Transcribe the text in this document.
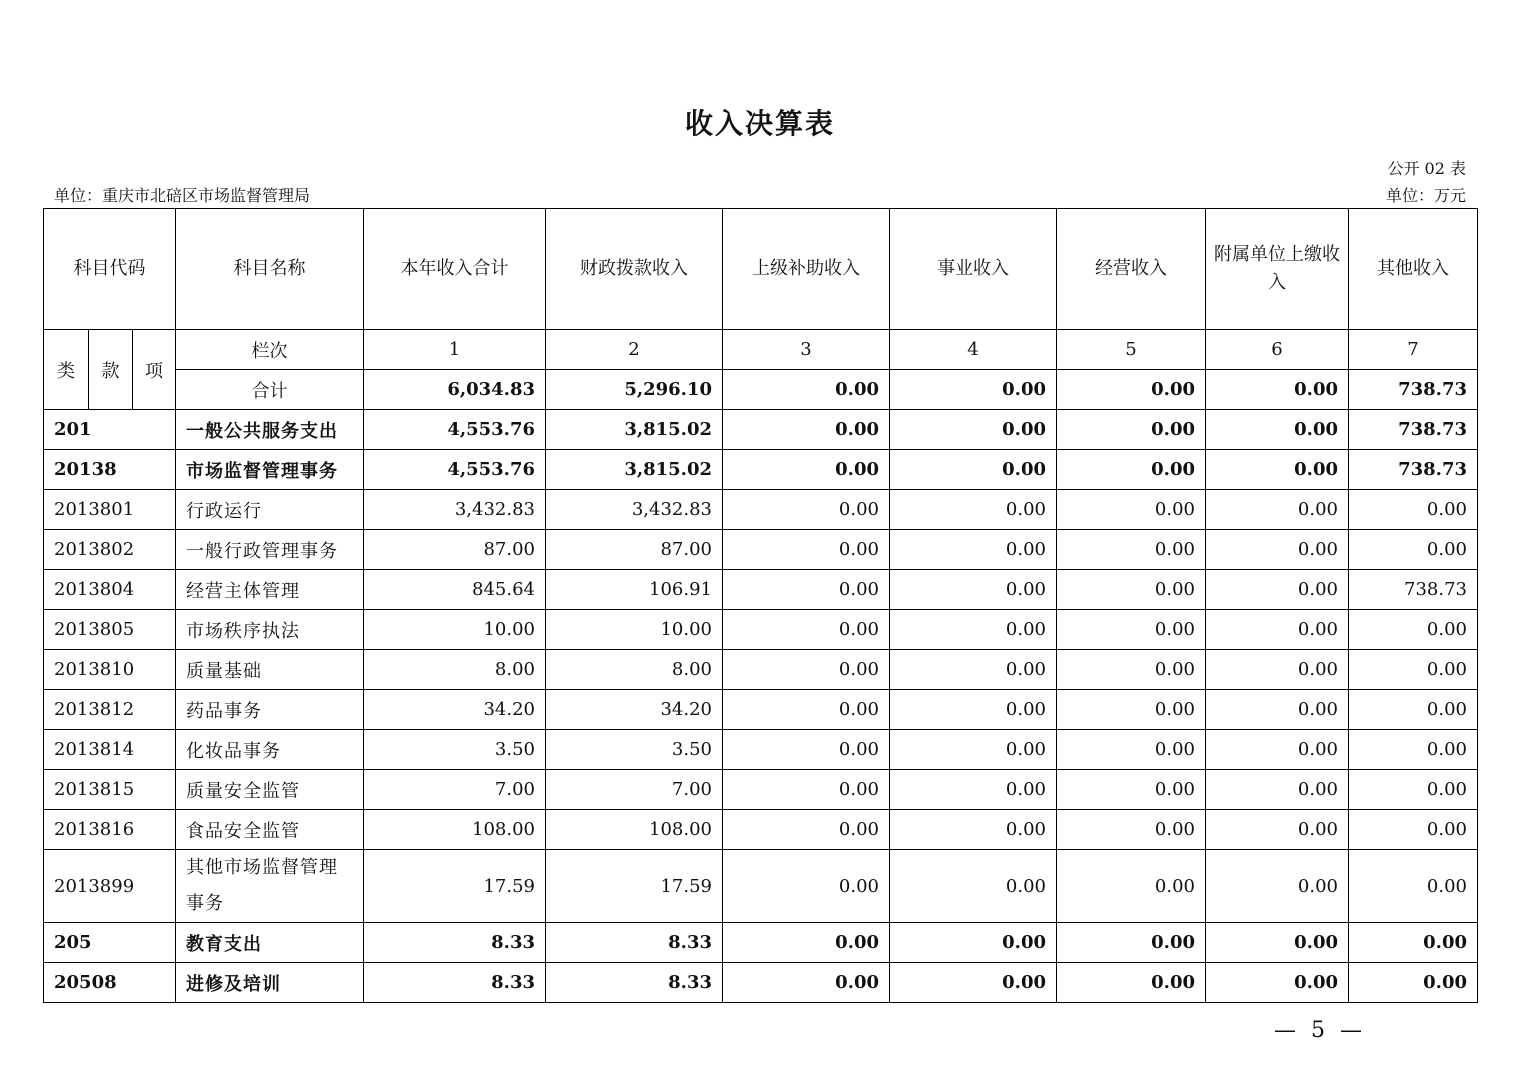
收入决算表
公开 02 表
单位：重庆市北碚区市场监督管理局	单位：万元
科目代码			科目名称	本年收入合计	财政拨款收入	上级补助收入	事业收入	经营收入	附属单位上缴收入	其他收入
类	款	项	栏次	1	2	3	4	5	6	7
			合计	6,034.83	5,296.10	0.00	0.00	0.00	0.00	738.73
201			一般公共服务支出	4,553.76	3,815.02	0.00	0.00	0.00	0.00	738.73
20138			市场监督管理事务	4,553.76	3,815.02	0.00	0.00	0.00	0.00	738.73
2013801			行政运行	3,432.83	3,432.83	0.00	0.00	0.00	0.00	0.00
2013802			一般行政管理事务	87.00	87.00	0.00	0.00	0.00	0.00	0.00
2013804			经营主体管理	845.64	106.91	0.00	0.00	0.00	0.00	738.73
2013805			市场秩序执法	10.00	10.00	0.00	0.00	0.00	0.00	0.00
2013810			质量基础	8.00	8.00	0.00	0.00	0.00	0.00	0.00
2013812			药品事务	34.20	34.20	0.00	0.00	0.00	0.00	0.00
2013814			化妆品事务	3.50	3.50	0.00	0.00	0.00	0.00	0.00
2013815			质量安全监管	7.00	7.00	0.00	0.00	0.00	0.00	0.00
2013816			食品安全监管	108.00	108.00	0.00	0.00	0.00	0.00	0.00
2013899			其他市场监督管理事务	17.59	17.59	0.00	0.00	0.00	0.00	0.00
205			教育支出	8.33	8.33	0.00	0.00	0.00	0.00	0.00
20508			进修及培训	8.33	8.33	0.00	0.00	0.00	0.00	0.00
— 5 —
